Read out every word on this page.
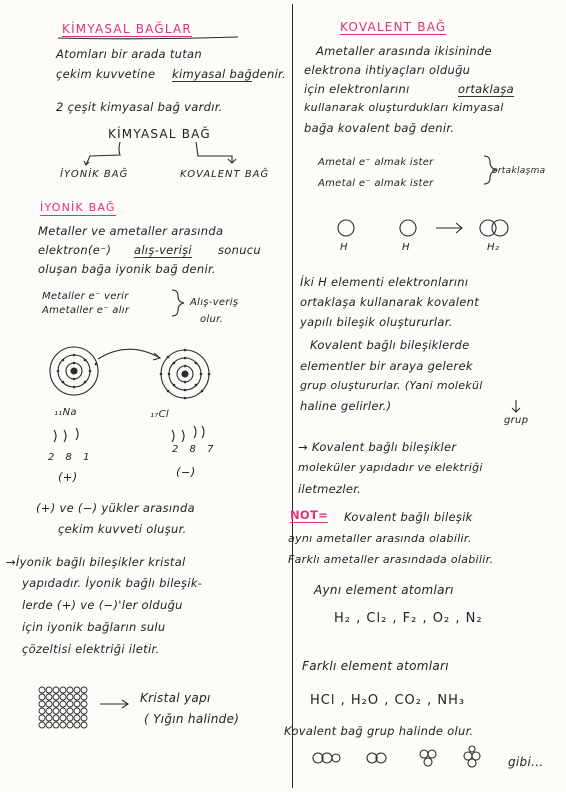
KİMYASAL BAĞLAR
Atomları bir arada tutan
çekim kuvvetine kimyasal bağ denir.
2 çeşit kimyasal bağ vardır.
KİMYASAL BAĞ
İYONİK BAĞ	KOVALENT BAĞ
İYONİK BAĞ
Metaller ve ametaller arasında
elektron(e⁻) alış-verişi sonucu
oluşan bağa iyonik bağ denir.
Metaller e⁻ verir
Ametaller e⁻ alır
Alış-veriş
olur.
₁₁Na	₁₇Cl
2 8 1
2 8 7
(+)	(−)
(+) ve (−) yükler arasında
çekim kuvveti oluşur.
→İyonik bağlı bileşikler kristal
yapıdadır. İyonik bağlı bileşik-
lerde (+) ve (−)'ler olduğu
için iyonik bağların sulu
çözeltisi elektriği iletir.
Kristal yapı
( Yığın halinde)
KOVALENT BAĞ
Ametaller arasında ikisininde
elektrona ihtiyaçları olduğu
için elektronlarını	ortaklaşa
kullanarak oluşturdukları kimyasal
bağa kovalent bağ denir.
Ametal e⁻ almak ister
Ametal e⁻ almak ister
ortaklaşma
H	H	H₂
İki H elementi elektronlarını
ortaklaşa kullanarak kovalent
yapılı bileşik oluştururlar.
Kovalent bağlı bileşiklerde
elementler bir araya gelerek
grup oluştururlar. (Yani molekül
haline gelirler.)
grup
→ Kovalent bağlı bileşikler
moleküler yapıdadır ve elektriği
iletmezler.
NOT= Kovalent bağlı bileşik
aynı ametaller arasında olabilir.
Farklı ametaller arasındada olabilir.
Aynı element atomları
H₂ , Cl₂ , F₂ , O₂ , N₂
Farklı element atomları
HCl , H₂O , CO₂ , NH₃
Kovalent bağ grup halinde olur.
gibi...
